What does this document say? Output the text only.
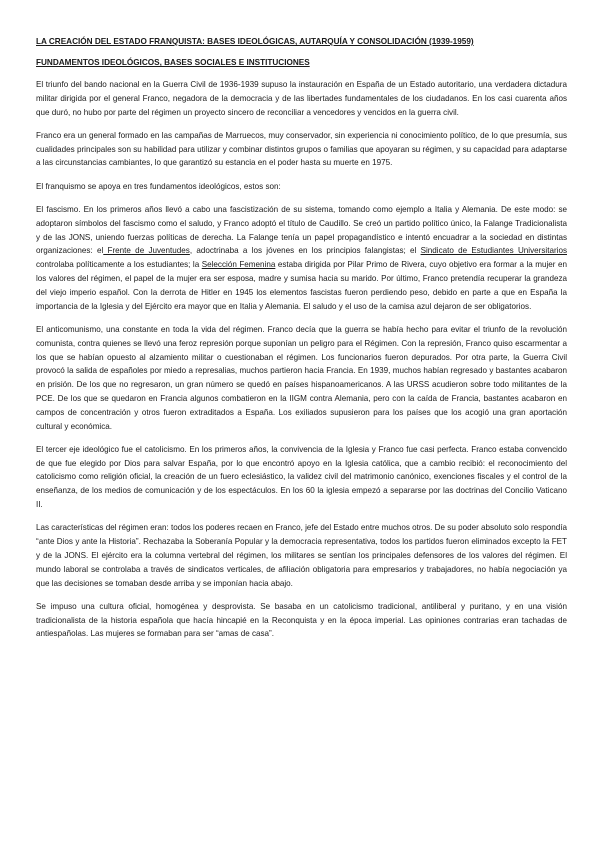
LA CREACIÓN DEL ESTADO FRANQUISTA: BASES IDEOLÓGICAS, AUTARQUÍA Y CONSOLIDACIÓN (1939-1959)
FUNDAMENTOS IDEOLÓGICOS, BASES SOCIALES E INSTITUCIONES

El triunfo del bando nacional en la Guerra Civil de 1936-1939 supuso la instauración en España de un Estado autoritario, una verdadera dictadura militar dirigida por el general Franco, negadora de la democracia y de las libertades fundamentales de los ciudadanos. En los casi cuarenta años que duró, no hubo por parte del régimen un proyecto sincero de reconciliar a vencedores y vencidos en la guerra civil.

Franco era un general formado en las campañas de Marruecos, muy conservador, sin experiencia ni conocimiento político, de lo que presumía, sus cualidades principales son su habilidad para utilizar y combinar distintos grupos o familias que apoyaran su régimen, y su capacidad para adaptarse a las circunstancias cambiantes, lo que garantizó su estancia en el poder hasta su muerte en 1975.

El franquismo se apoya en tres fundamentos ideológicos, estos son:

El fascismo. En los primeros años llevó a cabo una fascistización de su sistema, tomando como ejemplo a Italia y Alemania. De este modo: se adoptaron símbolos del fascismo como el saludo, y Franco adoptó el título de Caudillo. Se creó un partido político único, la Falange Tradicionalista y de las JONS, uniendo fuerzas políticas de derecha. La Falange tenía un papel propagandístico e intentó encuadrar a la sociedad en distintas organizaciones: el Frente de Juventudes, adoctrinaba a los jóvenes en los principios falangistas; el Sindicato de Estudiantes Universitarios controlaba políticamente a los estudiantes; la Selección Femenina estaba dirigida por Pilar Primo de Rivera, cuyo objetivo era formar a la mujer en los valores del régimen, el papel de la mujer era ser esposa, madre y sumisa hacia su marido. Por último, Franco pretendía recuperar la grandeza del viejo imperio español. Con la derrota de Hitler en 1945 los elementos fascistas fueron perdiendo peso, debido en parte a que en España la importancia de la Iglesia y del Ejército era mayor que en Italia y Alemania. El saludo y el uso de la camisa azul dejaron de ser obligatorios.

El anticomunismo, una constante en toda la vida del régimen. Franco decía que la guerra se había hecho para evitar el triunfo de la revolución comunista, contra quienes se llevó una feroz represión porque suponían un peligro para el Régimen. Con la represión, Franco quiso escarmentar a los que se habían opuesto al alzamiento militar o cuestionaban el régimen. Los funcionarios fueron depurados. Por otra parte, la Guerra Civil provocó la salida de españoles por miedo a represalias, muchos partieron hacia Francia. En 1939, muchos habían regresado y bastantes acabaron en prisión. De los que no regresaron, un gran número se quedó en países hispanoamericanos. A las URSS acudieron sobre todo militantes de la PCE. De los que se quedaron en Francia algunos combatieron en la IIGM contra Alemania, pero con la caída de Francia, bastantes acabaron en campos de concentración y otros fueron extraditados a España. Los exiliados supusieron para los países que los acogió una gran aportación cultural y económica.

El tercer eje ideológico fue el catolicismo. En los primeros años, la convivencia de la Iglesia y Franco fue casi perfecta. Franco estaba convencido de que fue elegido por Dios para salvar España, por lo que encontró apoyo en la Iglesia católica, que a cambio recibió: el reconocimiento del catolicismo como religión oficial, la creación de un fuero eclesiástico, la validez civil del matrimonio canónico, exenciones fiscales y el control de la enseñanza, de los medios de comunicación y de los espectáculos. En los 60 la iglesia empezó a separarse por las doctrinas del Concilio Vaticano II.

Las características del régimen eran: todos los poderes recaen en Franco, jefe del Estado entre muchos otros. De su poder absoluto solo respondía “ante Dios y ante la Historia”. Rechazaba la Soberanía Popular y la democracia representativa, todos los partidos fueron eliminados excepto la FET y de la JONS. El ejército era la columna vertebral del régimen, los militares se sentían los principales defensores de los valores del régimen. El mundo laboral se controlaba a través de sindicatos verticales, de afiliación obligatoria para empresarios y trabajadores, no había negociación ya que las decisiones se tomaban desde arriba y se imponían hacia abajo.

Se impuso una cultura oficial, homogénea y desprovista. Se basaba en un catolicismo tradicional, antiliberal y puritano, y en una visión tradicionalista de la historia española que hacía hincapié en la Reconquista y en la época imperial. Las opiniones contrarias eran tachadas de antiespañolas. Las mujeres se formaban para ser “amas de casa”.
